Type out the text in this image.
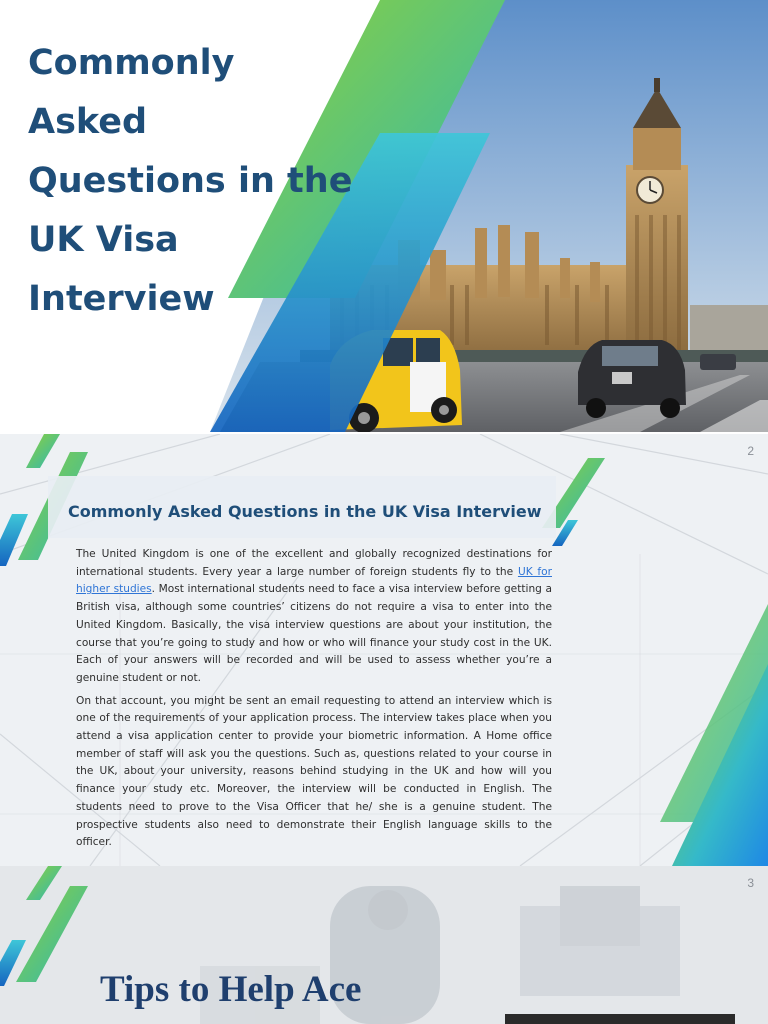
Commonly Asked
Questions in the
UK Visa
Interview
2
Commonly Asked Questions in the UK Visa Interview

The United Kingdom is one of the excellent and globally recognized destinations for international students. Every year a large number of foreign students fly to the UK for higher studies. Most international students need to face a visa interview before getting a British visa, although some countries’ citizens do not require a visa to enter into the United Kingdom. Basically, the visa interview questions are about your institution, the course that you’re going to study and how or who will finance your study cost in the UK. Each of your answers will be recorded and will be used to assess whether you’re a genuine student or not.

On that account, you might be sent an email requesting to attend an interview which is one of the requirements of your application process. The interview takes place when you attend a visa application center to provide your biometric information. A Home office member of staff will ask you the questions. Such as, questions related to your course in the UK, about your university, reasons behind studying in the UK and how will you finance your study etc. Moreover, the interview will be conducted in English. The students need to prove to the Visa Officer that he/ she is a genuine student. The prospective students also need to demonstrate their English language skills to the officer.

3
Tips to Help Ace
